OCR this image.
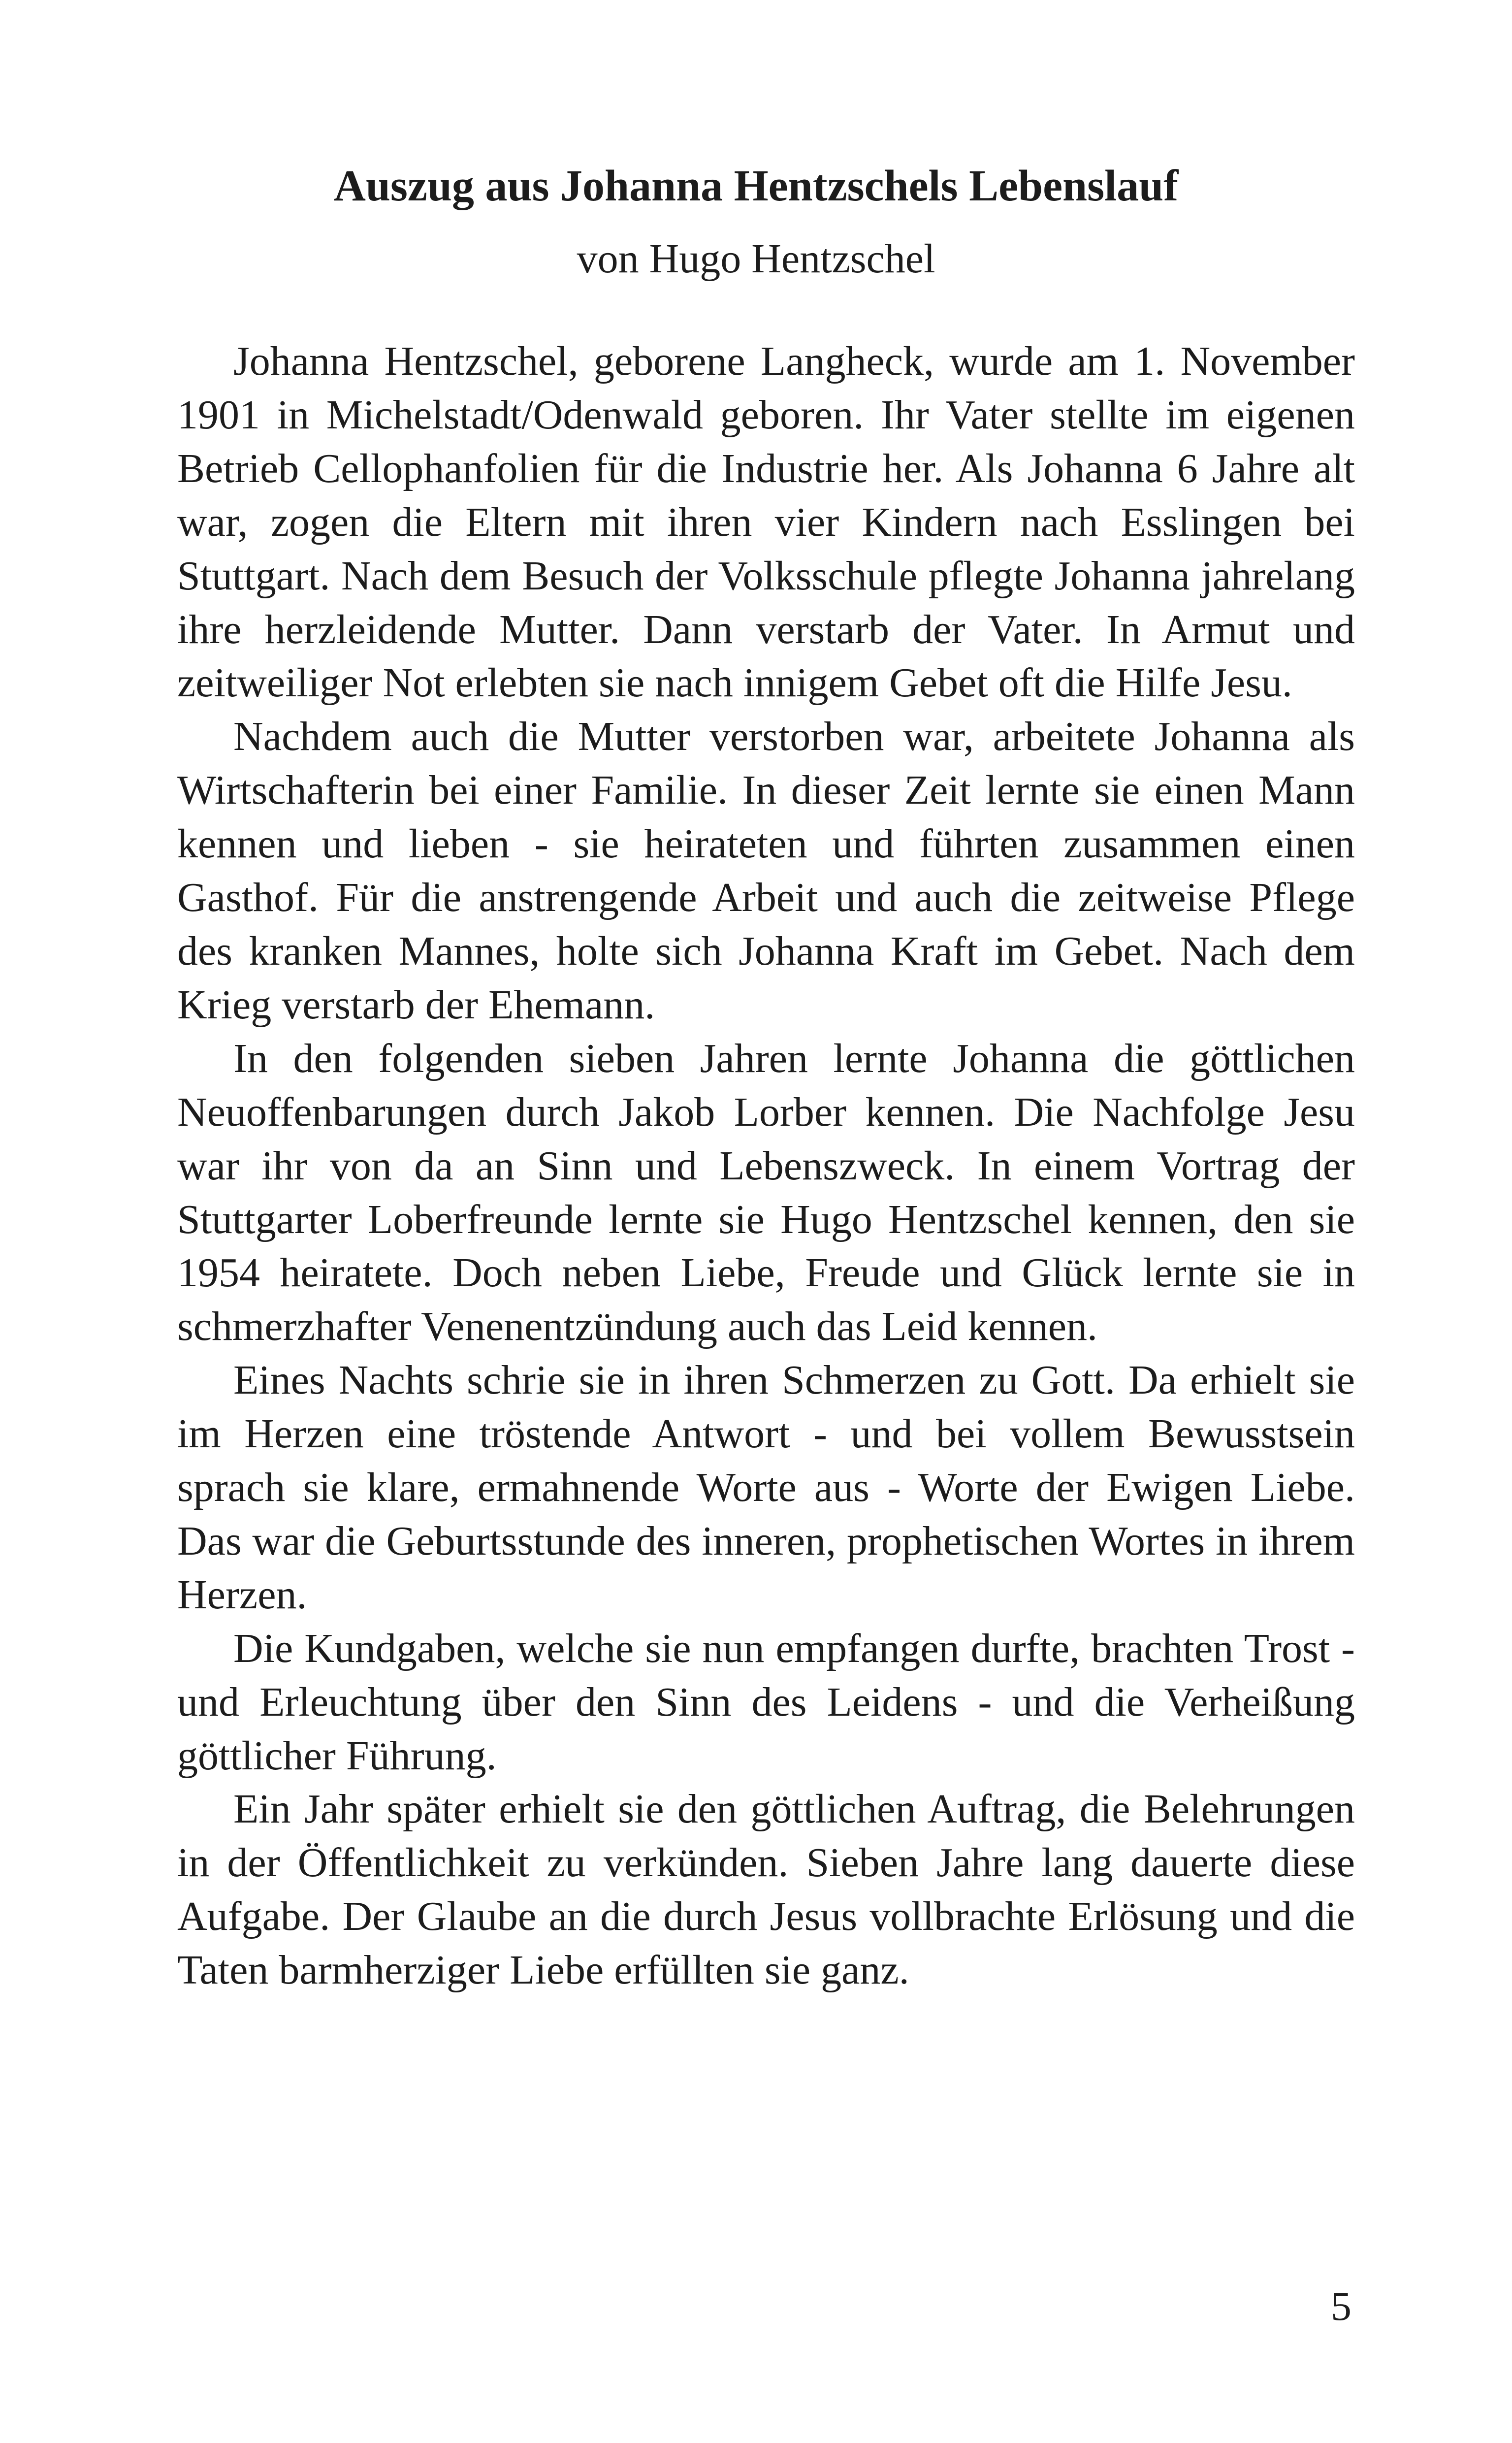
Auszug aus Johanna Hentzschels Lebenslauf
von Hugo Hentzschel

Johanna Hentzschel, geborene Langheck, wurde am 1. November 1901 in Michelstadt/Odenwald geboren. Ihr Vater stellte im eigenen Betrieb Cellophanfolien für die Industrie her. Als Johanna 6 Jahre alt war, zogen die Eltern mit ihren vier Kindern nach Esslingen bei Stuttgart. Nach dem Besuch der Volksschule pflegte Johanna jahrelang ihre herzleidende Mutter. Dann verstarb der Vater. In Armut und zeitweiliger Not erlebten sie nach innigem Gebet oft die Hilfe Jesu.

Nachdem auch die Mutter verstorben war, arbeitete Johanna als Wirtschafterin bei einer Familie. In dieser Zeit lernte sie einen Mann kennen und lieben - sie heirateten und führten zusammen einen Gasthof. Für die anstrengende Arbeit und auch die zeitweise Pflege des kranken Mannes, holte sich Johanna Kraft im Gebet. Nach dem Krieg verstarb der Ehemann.

In den folgenden sieben Jahren lernte Johanna die göttlichen Neuoffenbarungen durch Jakob Lorber kennen. Die Nachfolge Jesu war ihr von da an Sinn und Lebenszweck. In einem Vortrag der Stuttgarter Loberfreunde lernte sie Hugo Hentzschel kennen, den sie 1954 heiratete. Doch neben Liebe, Freude und Glück lernte sie in schmerzhafter Venenentzündung auch das Leid kennen.

Eines Nachts schrie sie in ihren Schmerzen zu Gott. Da erhielt sie im Herzen eine tröstende Antwort - und bei vollem Bewusstsein sprach sie klare, ermahnende Worte aus - Worte der Ewigen Liebe. Das war die Geburtsstunde des inneren, prophetischen Wortes in ihrem Herzen.

Die Kundgaben, welche sie nun empfangen durfte, brachten Trost - und Erleuchtung über den Sinn des Leidens - und die Verheißung göttlicher Führung.

Ein Jahr später erhielt sie den göttlichen Auftrag, die Belehrungen in der Öffentlichkeit zu verkünden. Sieben Jahre lang dauerte diese Aufgabe. Der Glaube an die durch Jesus vollbrachte Erlösung und die Taten barmherziger Liebe erfüllten sie ganz.

5
